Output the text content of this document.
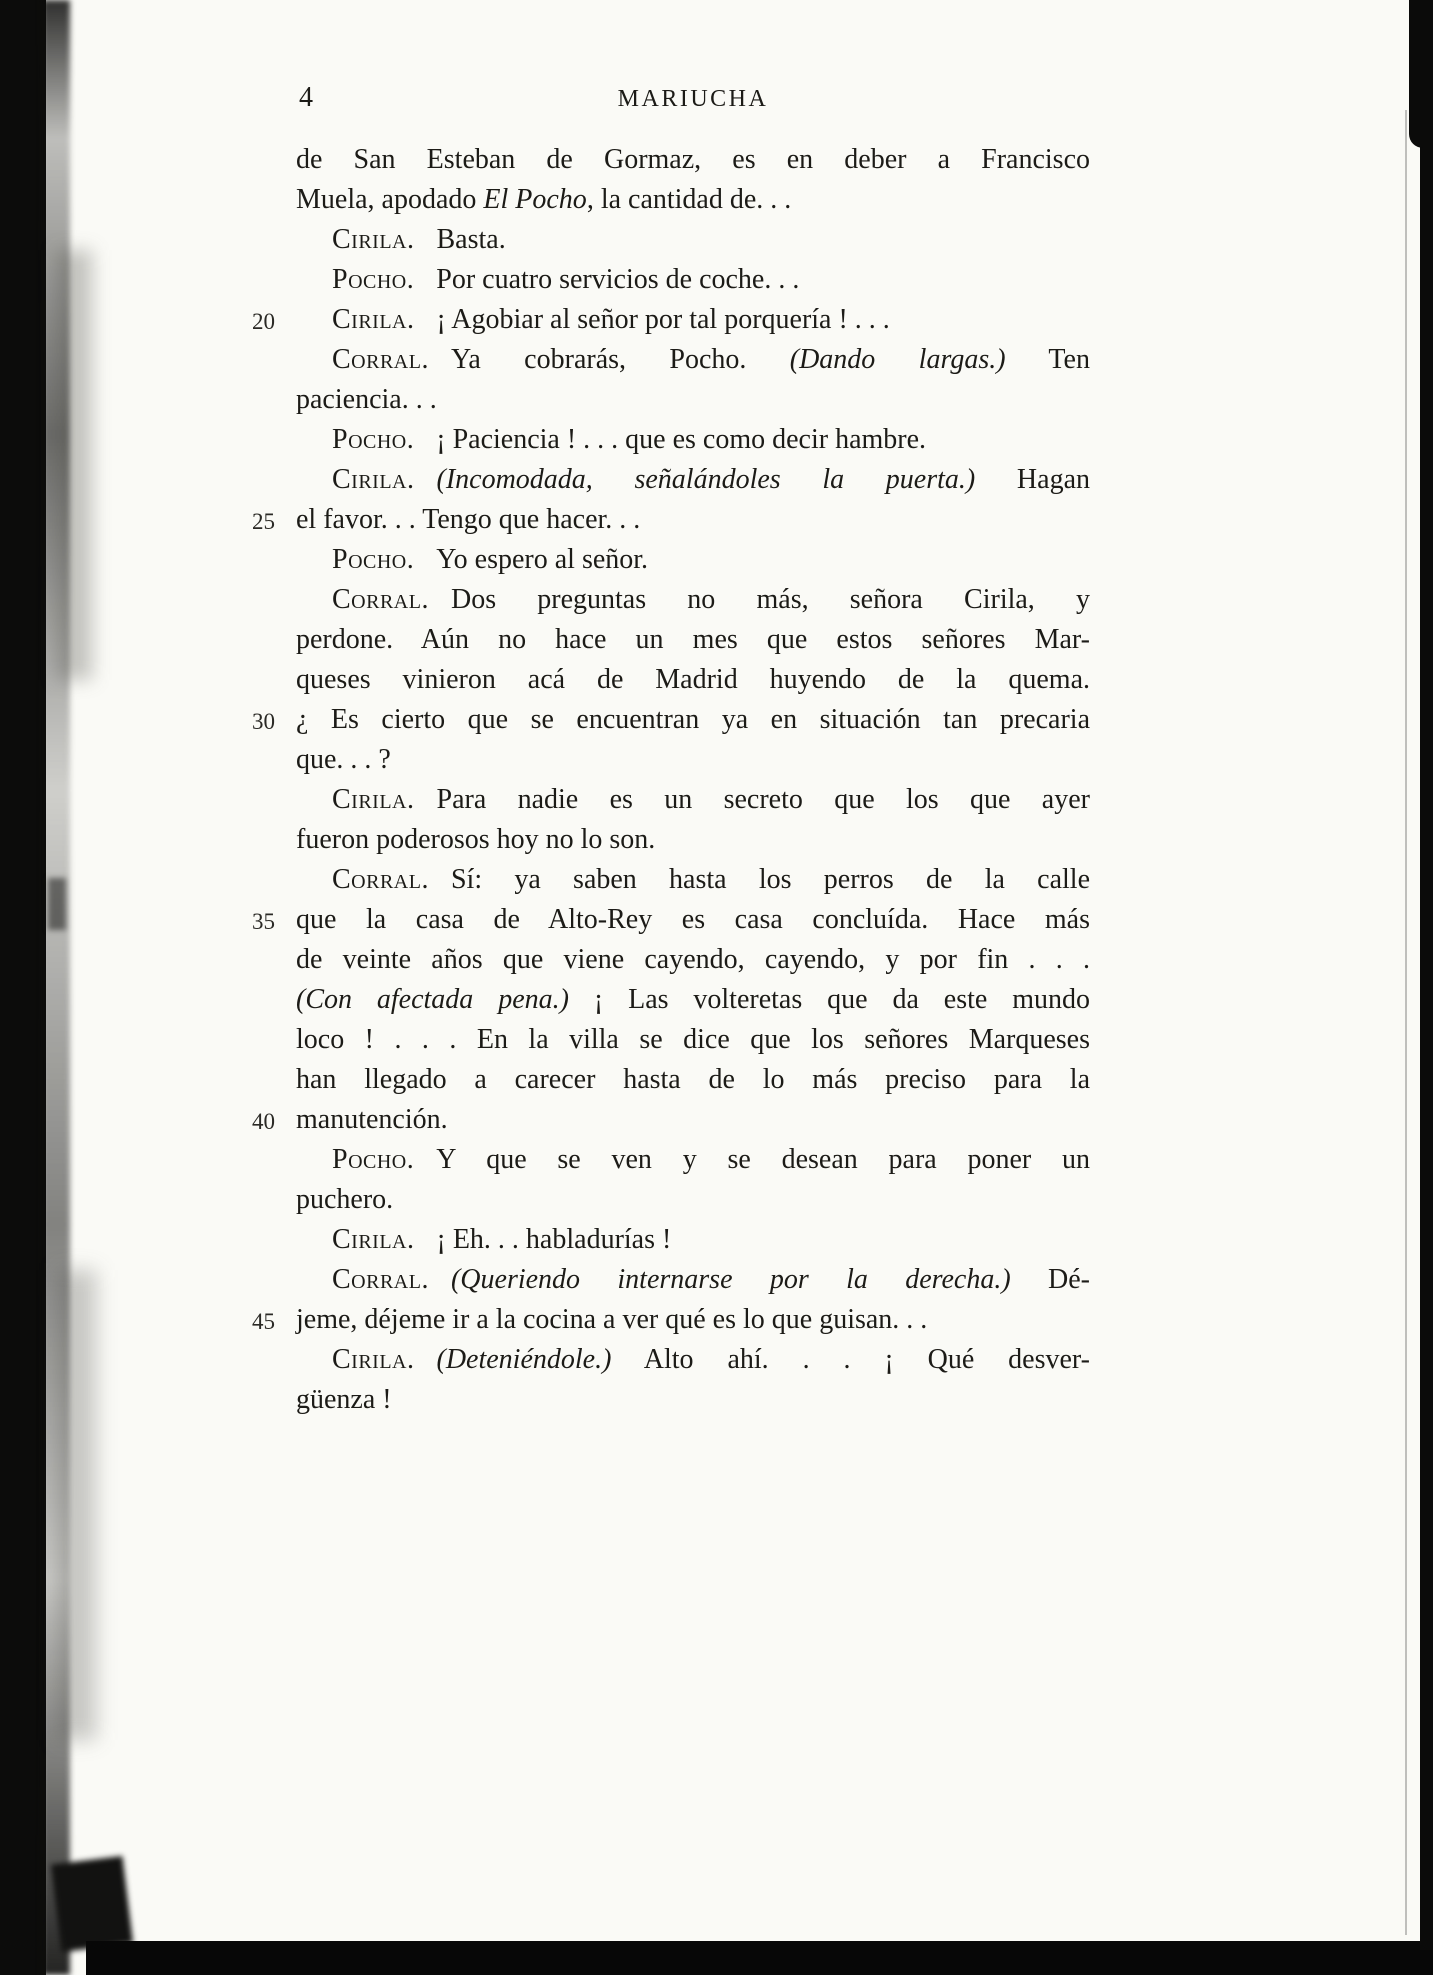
4	MARIUCHA
de San Esteban de Gormaz, es en deber a Francisco
Muela, apodado El Pocho, la cantidad de. . .
Cirila. Basta.
Pocho. Por cuatro servicios de coche. . .
20 Cirila. ¡ Agobiar al señor por tal porquería ! . . .
Corral. Ya cobrarás, Pocho. (Dando largas.) Ten
paciencia. . .
Pocho. ¡ Paciencia ! . . . que es como decir hambre.
Cirila. (Incomodada, señalándoles la puerta.) Hagan
25 el favor. . . Tengo que hacer. . .
Pocho. Yo espero al señor.
Corral. Dos preguntas no más, señora Cirila, y
perdone. Aún no hace un mes que estos señores Mar-
queses vinieron acá de Madrid huyendo de la quema.
30 ¿ Es cierto que se encuentran ya en situación tan precaria
que. . . ?
Cirila. Para nadie es un secreto que los que ayer
fueron poderosos hoy no lo son.
Corral. Sí: ya saben hasta los perros de la calle
35 que la casa de Alto-Rey es casa concluída. Hace más
de veinte años que viene cayendo, cayendo, y por fin . . .
(Con afectada pena.) ¡ Las volteretas que da este mundo
loco ! . . . En la villa se dice que los señores Marqueses
han llegado a carecer hasta de lo más preciso para la
40 manutención.
Pocho. Y que se ven y se desean para poner un
puchero.
Cirila. ¡ Eh. . . habladurías !
Corral. (Queriendo internarse por la derecha.) Dé-
45 jeme, déjeme ir a la cocina a ver qué es lo que guisan. . .
Cirila. (Deteniéndole.) Alto ahí. . . ¡ Qué desver-
güenza !
